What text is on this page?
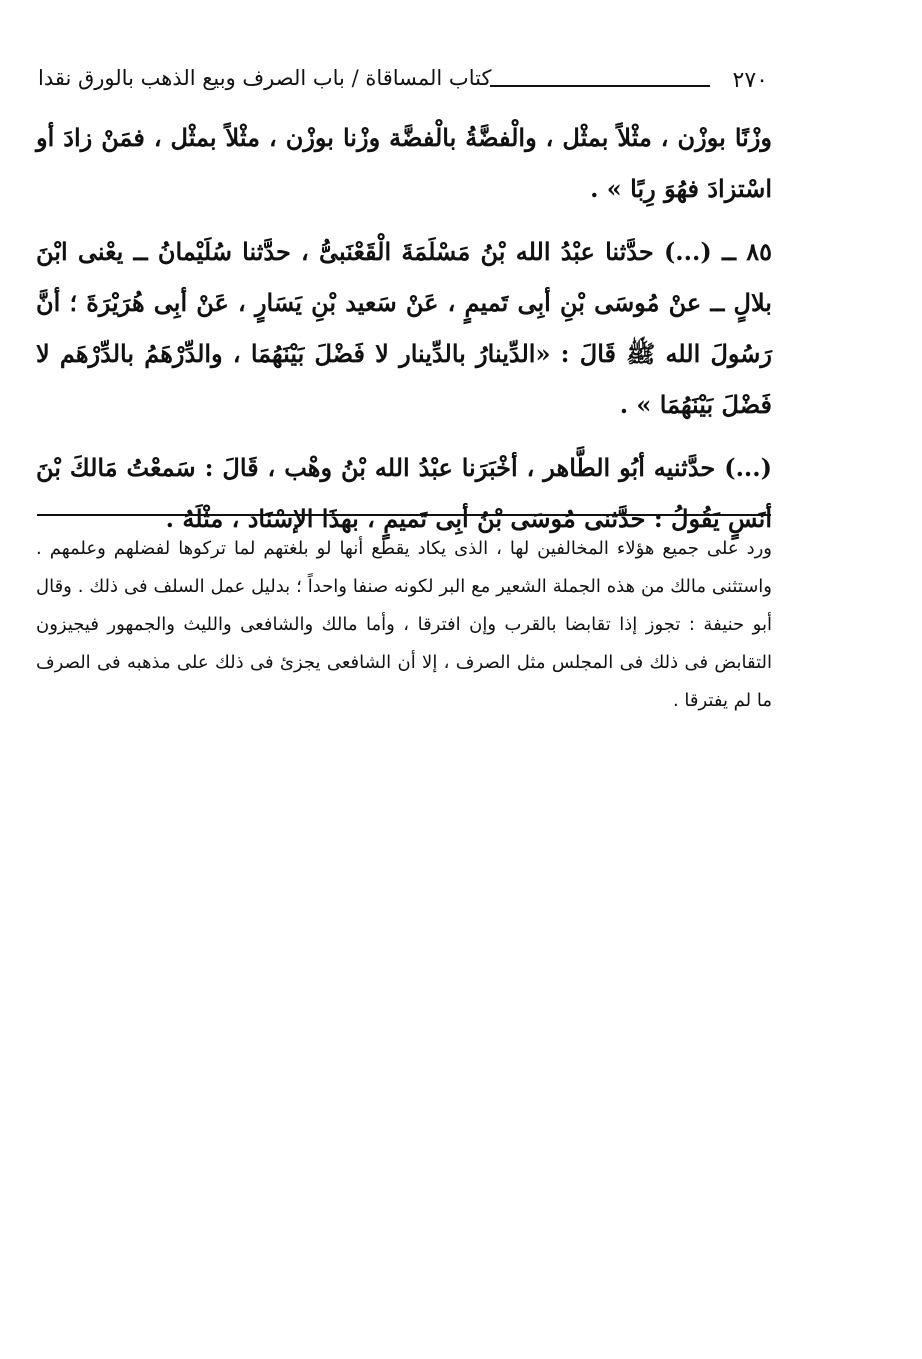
٢٧٠
كتاب المساقاة / باب الصرف وبيع الذهب بالورق نقدا

وزْنًا بوزْن ، مثْلاً بمثْل ، والْفضَّةُ بالْفضَّة وزْنا بوزْن ، مثْلاً بمثْل ، فمَنْ زادَ أو اسْتزادَ فهُوَ رِبًا » .

٨٥ ــ (...) حدَّثنا عبْدُ الله بْنُ مَسْلَمَةَ الْقَعْنَبىُّ ، حدَّثنا سُلَيْمانُ ــ يعْنى ابْنَ بلالٍ ــ عنْ مُوسَى بْنِ أبِى تَميمٍ ، عَنْ سَعيد بْنِ يَسَارٍ ، عَنْ أبِى هُرَيْرَةَ ؛ أنَّ رَسُولَ الله ﷺ قَالَ : «الدِّينارُ بالدِّينار لا فَضْلَ بَيْنَهُمَا ، والدِّرْهَمُ بالدِّرْهَم لا فَضْلَ بَيْنَهُمَا » .

(...) حدَّثنيه أبُو الطَّاهر ، أخْبَرَنا عبْدُ الله بْنُ وهْب ، قَالَ : سَمعْتُ مَالكَ بْنَ أنَسٍ يَقُولُ : حدَّثنى مُوسَى بْنُ أبِى تَميمٍ ، بهذَا الإسْنَاد ، مثْلَهُ .

ورد على جميع هؤلاء المخالفين لها ، الذى يكاد يقطع أنها لو بلغتهم لما تركوها لفضلهم وعلمهم . واستثنى مالك من هذه الجملة الشعير مع البر لكونه صنفا واحداً ؛ بدليل عمل السلف فى ذلك . وقال أبو حنيفة : تجوز إذا تقابضا بالقرب وإن افترقا ، وأما مالك والشافعى والليث والجمهور فيجيزون التقابض فى ذلك فى المجلس مثل الصرف ، إلا أن الشافعى يجزئ فى ذلك على مذهبه فى الصرف ما لم يفترقا .
